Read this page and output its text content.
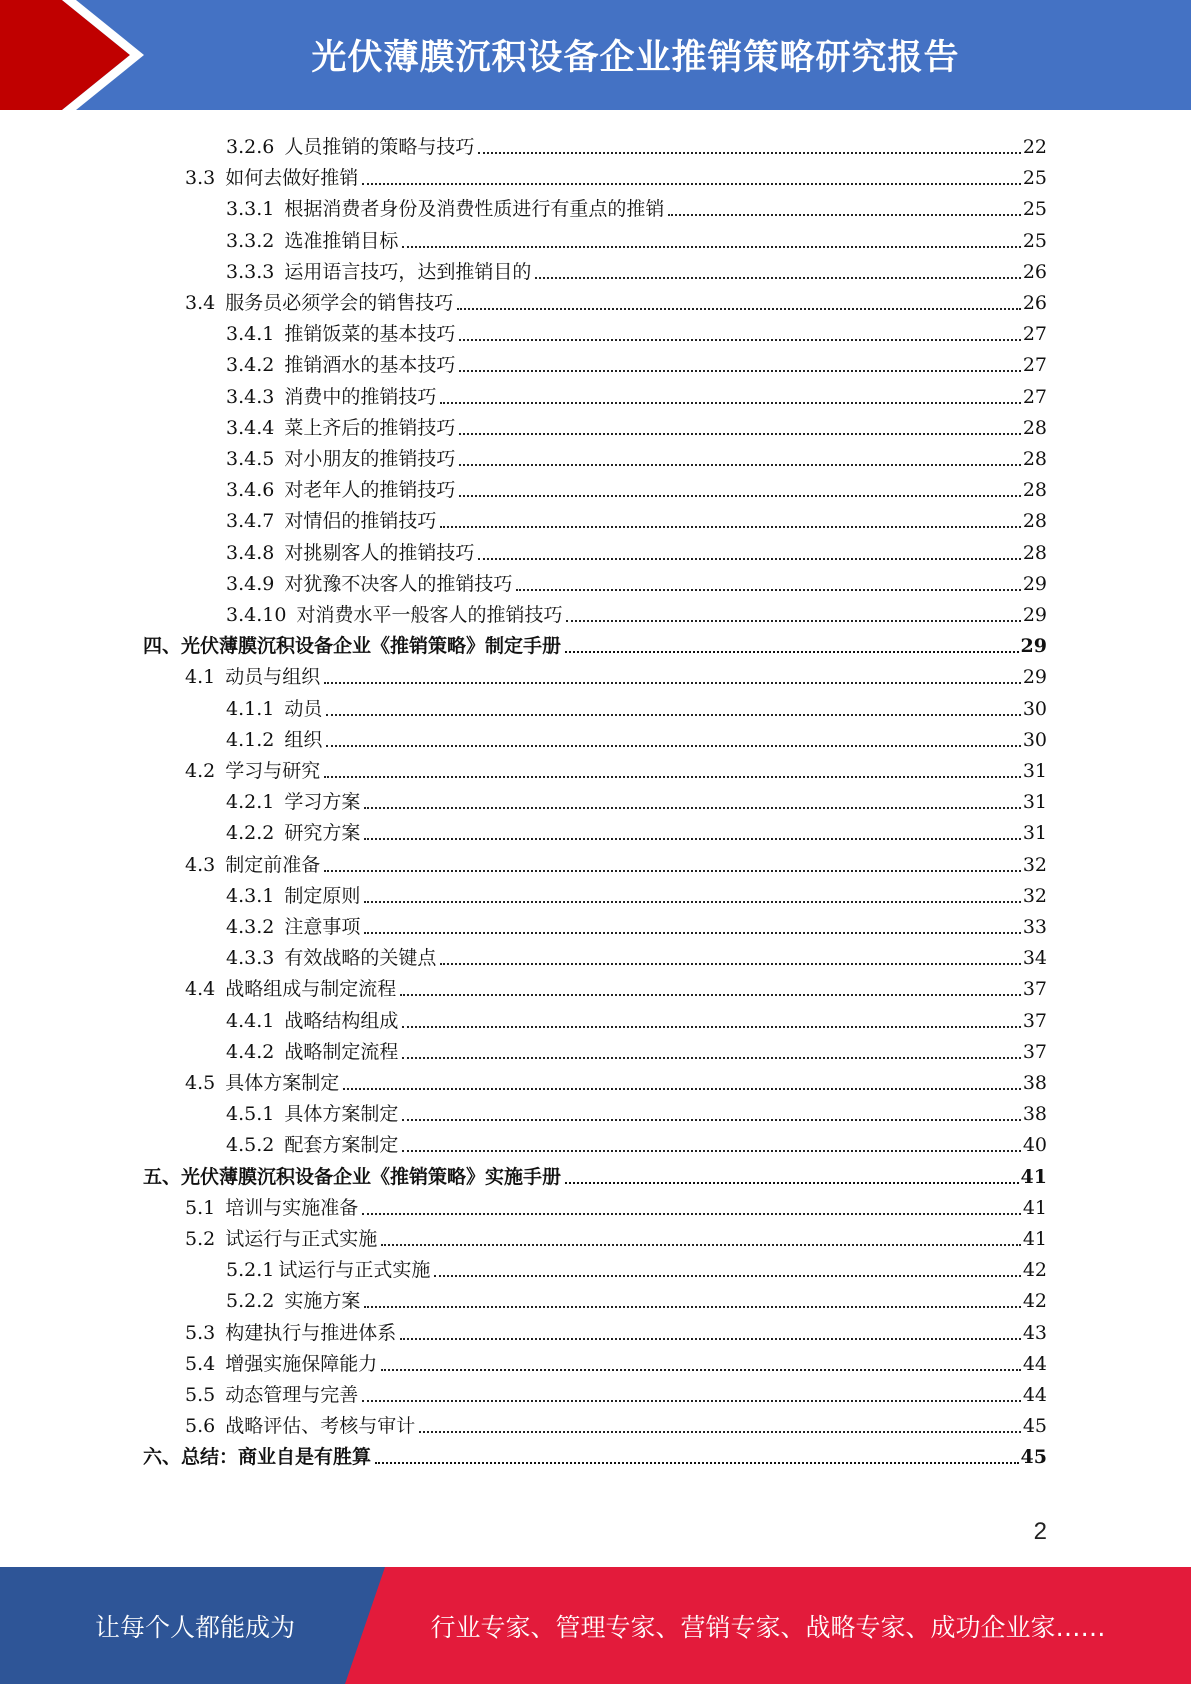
光伏薄膜沉积设备企业推销策略研究报告
3.2.6 人员推销的策略与技巧	22
3.3 如何去做好推销	25
3.3.1 根据消费者身份及消费性质进行有重点的推销	25
3.3.2 选准推销目标	25
3.3.3 运用语言技巧，达到推销目的	26
3.4 服务员必须学会的销售技巧	26
3.4.1 推销饭菜的基本技巧	27
3.4.2 推销酒水的基本技巧	27
3.4.3 消费中的推销技巧	27
3.4.4 菜上齐后的推销技巧	28
3.4.5 对小朋友的推销技巧	28
3.4.6 对老年人的推销技巧	28
3.4.7 对情侣的推销技巧	28
3.4.8 对挑剔客人的推销技巧	28
3.4.9 对犹豫不决客人的推销技巧	29
3.4.10 对消费水平一般客人的推销技巧	29
四、光伏薄膜沉积设备企业《推销策略》制定手册	29
4.1 动员与组织	29
4.1.1 动员	30
4.1.2 组织	30
4.2 学习与研究	31
4.2.1 学习方案	31
4.2.2 研究方案	31
4.3 制定前准备	32
4.3.1 制定原则	32
4.3.2 注意事项	33
4.3.3 有效战略的关键点	34
4.4 战略组成与制定流程	37
4.4.1 战略结构组成	37
4.4.2 战略制定流程	37
4.5 具体方案制定	38
4.5.1 具体方案制定	38
4.5.2 配套方案制定	40
五、光伏薄膜沉积设备企业《推销策略》实施手册	41
5.1 培训与实施准备	41
5.2 试运行与正式实施	41
5.2.1 试运行与正式实施	42
5.2.2 实施方案	42
5.3 构建执行与推进体系	43
5.4 增强实施保障能力	44
5.5 动态管理与完善	44
5.6 战略评估、考核与审计	45
六、总结：商业自是有胜算	45
2
让每个人都能成为	行业专家、管理专家、营销专家、战略专家、成功企业家……
